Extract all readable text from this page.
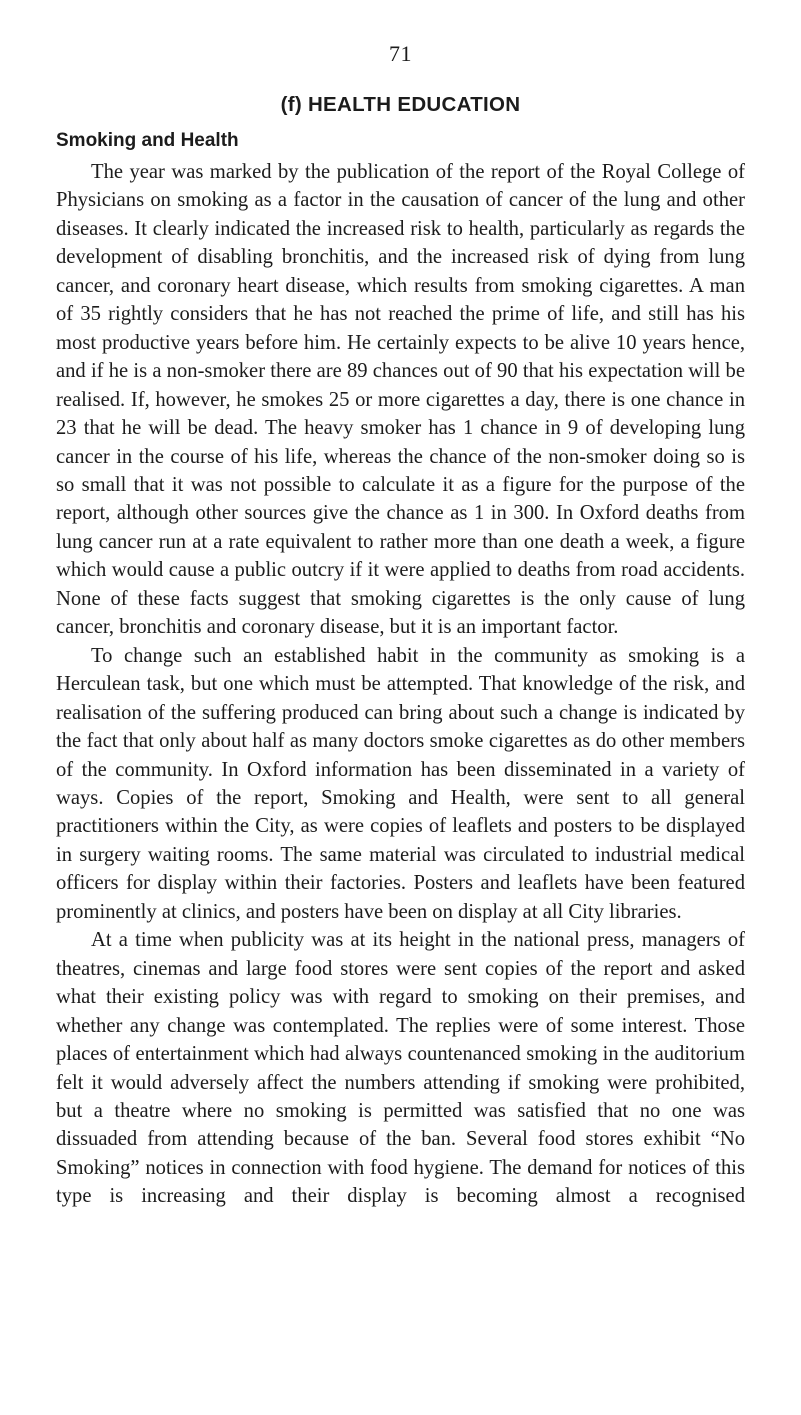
71
(f) HEALTH EDUCATION
Smoking and Health

The year was marked by the publication of the report of the Royal College of Physicians on smoking as a factor in the causation of cancer of the lung and other diseases. It clearly indicated the increased risk to health, particularly as regards the development of disabling bronchitis, and the increased risk of dying from lung cancer, and coronary heart disease, which results from smoking cigarettes. A man of 35 rightly considers that he has not reached the prime of life, and still has his most productive years before him. He certainly expects to be alive 10 years hence, and if he is a non-smoker there are 89 chances out of 90 that his expectation will be realised. If, however, he smokes 25 or more cigarettes a day, there is one chance in 23 that he will be dead. The heavy smoker has 1 chance in 9 of developing lung cancer in the course of his life, whereas the chance of the non-smoker doing so is so small that it was not possible to calculate it as a figure for the purpose of the report, although other sources give the chance as 1 in 300. In Oxford deaths from lung cancer run at a rate equivalent to rather more than one death a week, a figure which would cause a public outcry if it were applied to deaths from road accidents. None of these facts suggest that smoking cigarettes is the only cause of lung cancer, bronchitis and coronary disease, but it is an important factor.

To change such an established habit in the community as smoking is a Herculean task, but one which must be attempted. That knowledge of the risk, and realisation of the suffering produced can bring about such a change is indicated by the fact that only about half as many doctors smoke cigarettes as do other members of the community. In Oxford information has been disseminated in a variety of ways. Copies of the report, Smoking and Health, were sent to all general practitioners within the City, as were copies of leaflets and posters to be displayed in surgery waiting rooms. The same material was circulated to industrial medical officers for display within their factories. Posters and leaflets have been featured prominently at clinics, and posters have been on display at all City libraries.

At a time when publicity was at its height in the national press, managers of theatres, cinemas and large food stores were sent copies of the report and asked what their existing policy was with regard to smoking on their premises, and whether any change was contemplated. The replies were of some interest. Those places of entertainment which had always countenanced smoking in the auditorium felt it would adversely affect the numbers attending if smoking were prohibited, but a theatre where no smoking is permitted was satisfied that no one was dissuaded from attending because of the ban. Several food stores exhibit “No Smoking” notices in connection with food hygiene. The demand for notices of this type is increasing and their display is becoming almost a recognised
